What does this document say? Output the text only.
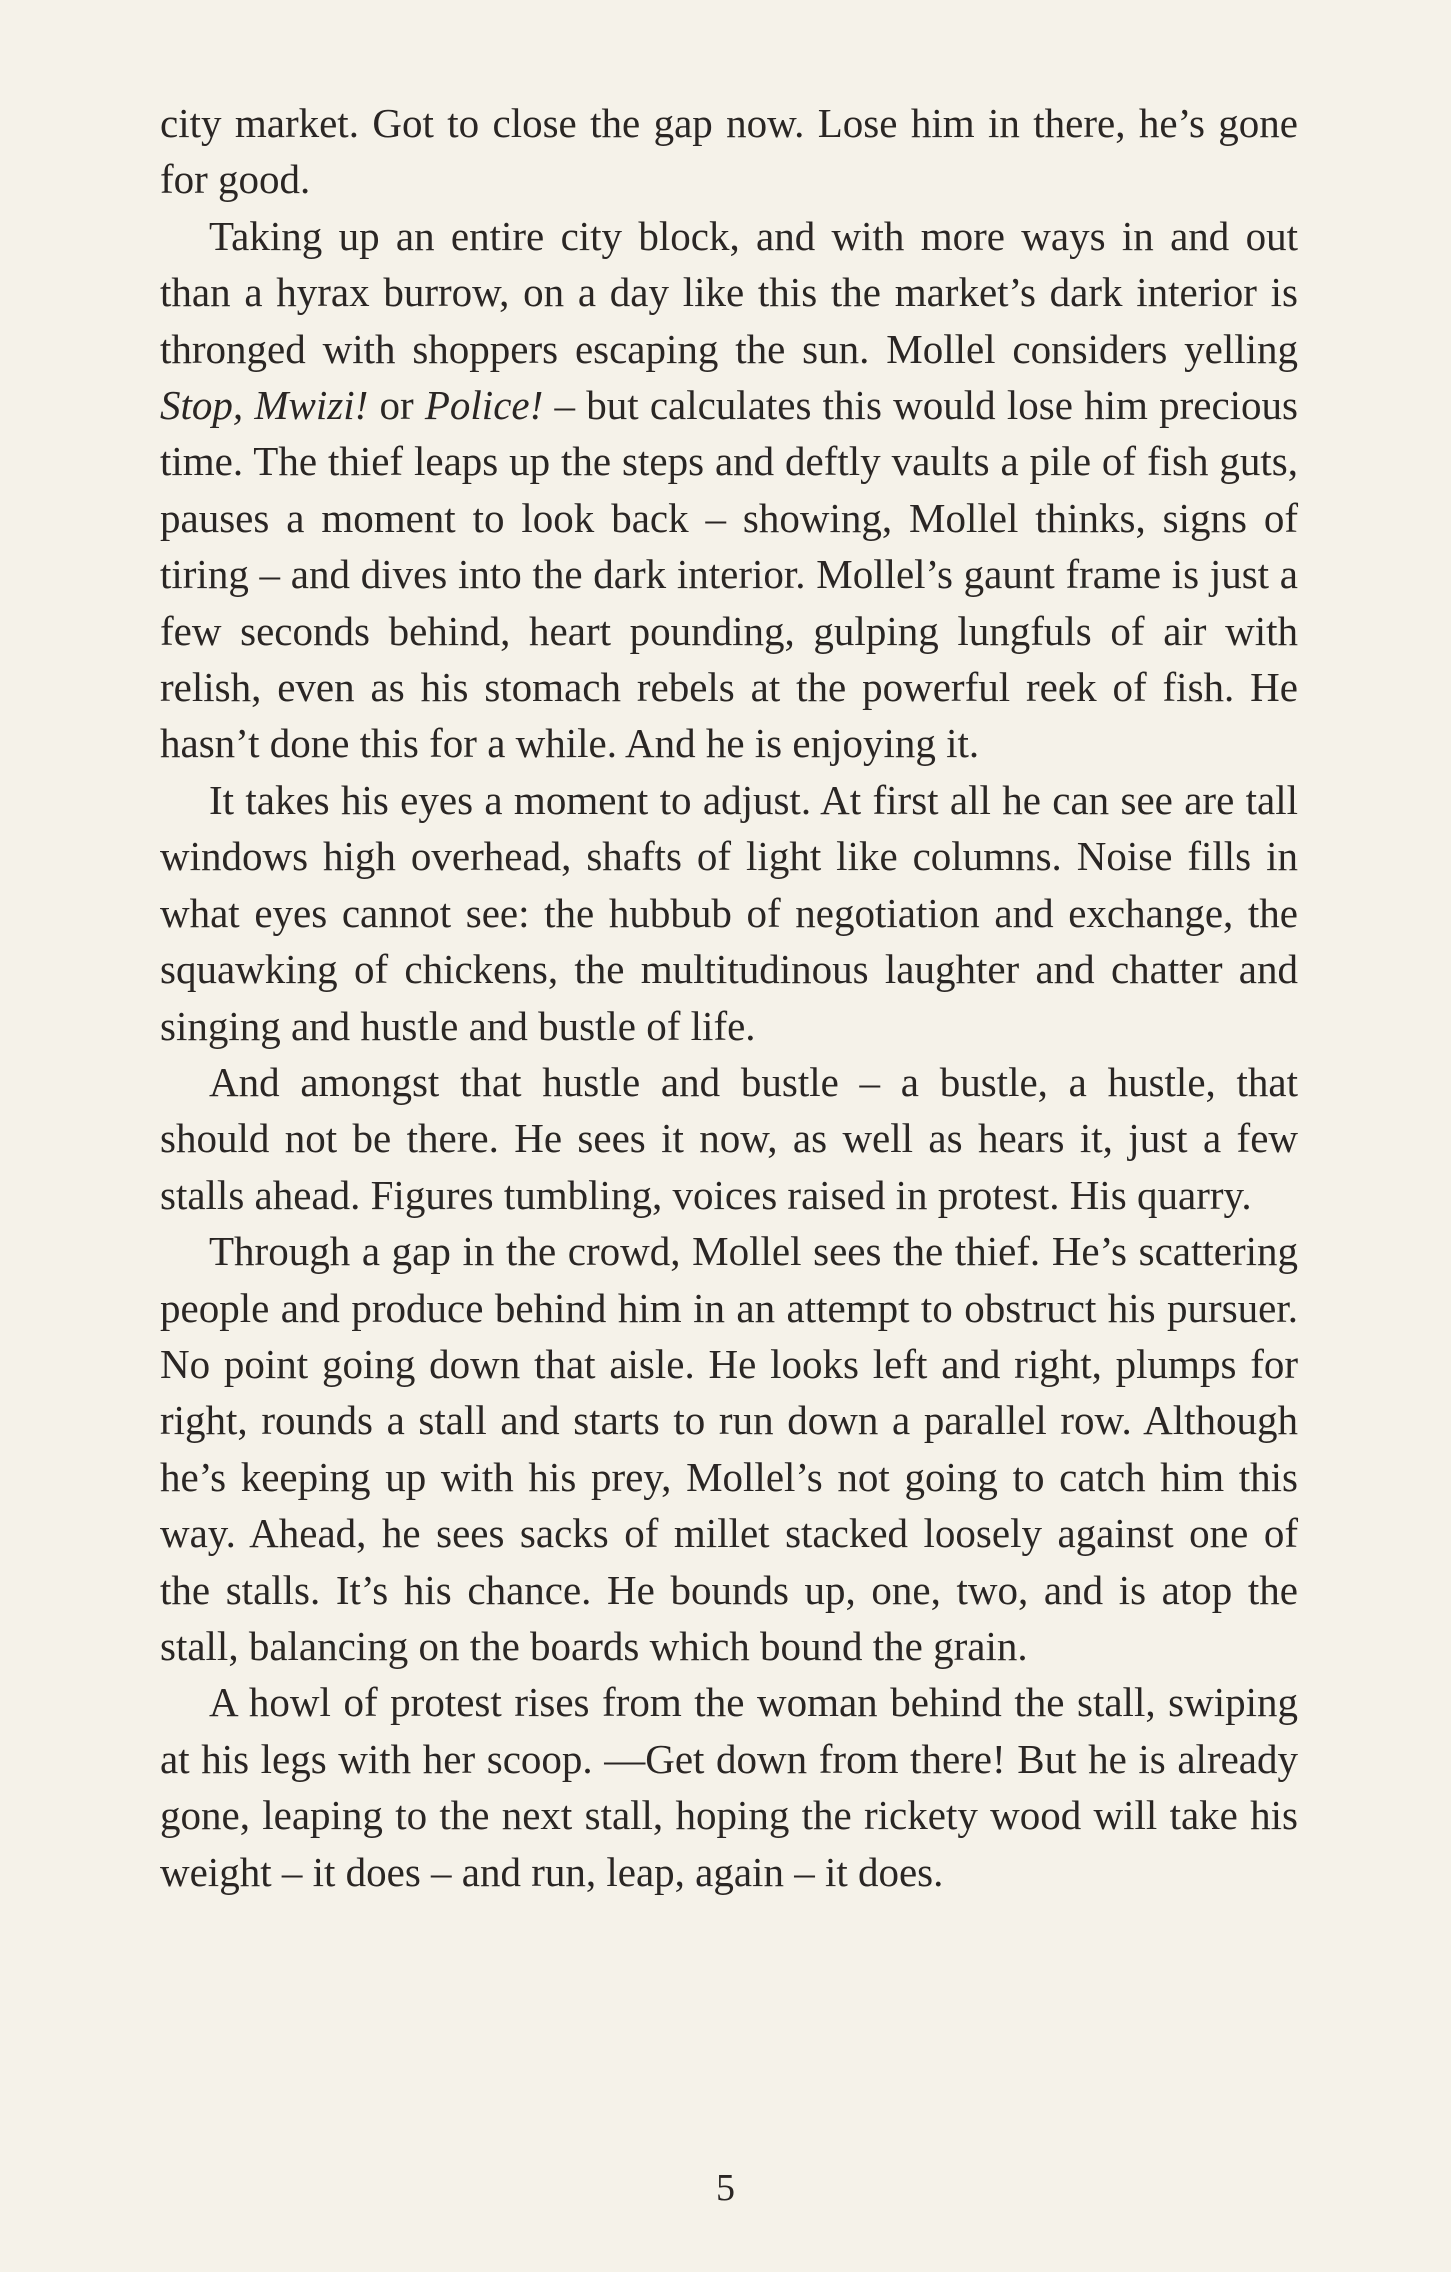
city market. Got to close the gap now. Lose him in there, he’s gone for good.

Taking up an entire city block, and with more ways in and out than a hyrax burrow, on a day like this the market’s dark interior is thronged with shoppers escaping the sun. Mollel considers yelling Stop, Mwizi! or Police! – but calculates this would lose him precious time. The thief leaps up the steps and deftly vaults a pile of fish guts, pauses a moment to look back – showing, Mollel thinks, signs of tiring – and dives into the dark interior. Mollel’s gaunt frame is just a few seconds behind, heart pounding, gulping lungfuls of air with relish, even as his stomach rebels at the powerful reek of fish. He hasn’t done this for a while. And he is enjoying it.

It takes his eyes a moment to adjust. At first all he can see are tall windows high overhead, shafts of light like columns. Noise fills in what eyes cannot see: the hubbub of negotiation and exchange, the squawking of chickens, the multitudinous laughter and chatter and singing and hustle and bustle of life.

And amongst that hustle and bustle – a bustle, a hustle, that should not be there. He sees it now, as well as hears it, just a few stalls ahead. Figures tumbling, voices raised in protest. His quarry.

Through a gap in the crowd, Mollel sees the thief. He’s scattering people and produce behind him in an attempt to obstruct his pursuer. No point going down that aisle. He looks left and right, plumps for right, rounds a stall and starts to run down a parallel row. Although he’s keeping up with his prey, Mollel’s not going to catch him this way. Ahead, he sees sacks of millet stacked loosely against one of the stalls. It’s his chance. He bounds up, one, two, and is atop the stall, balancing on the boards which bound the grain.

A howl of protest rises from the woman behind the stall, swiping at his legs with her scoop. —Get down from there! But he is already gone, leaping to the next stall, hoping the rickety wood will take his weight – it does – and run, leap, again – it does.

5
